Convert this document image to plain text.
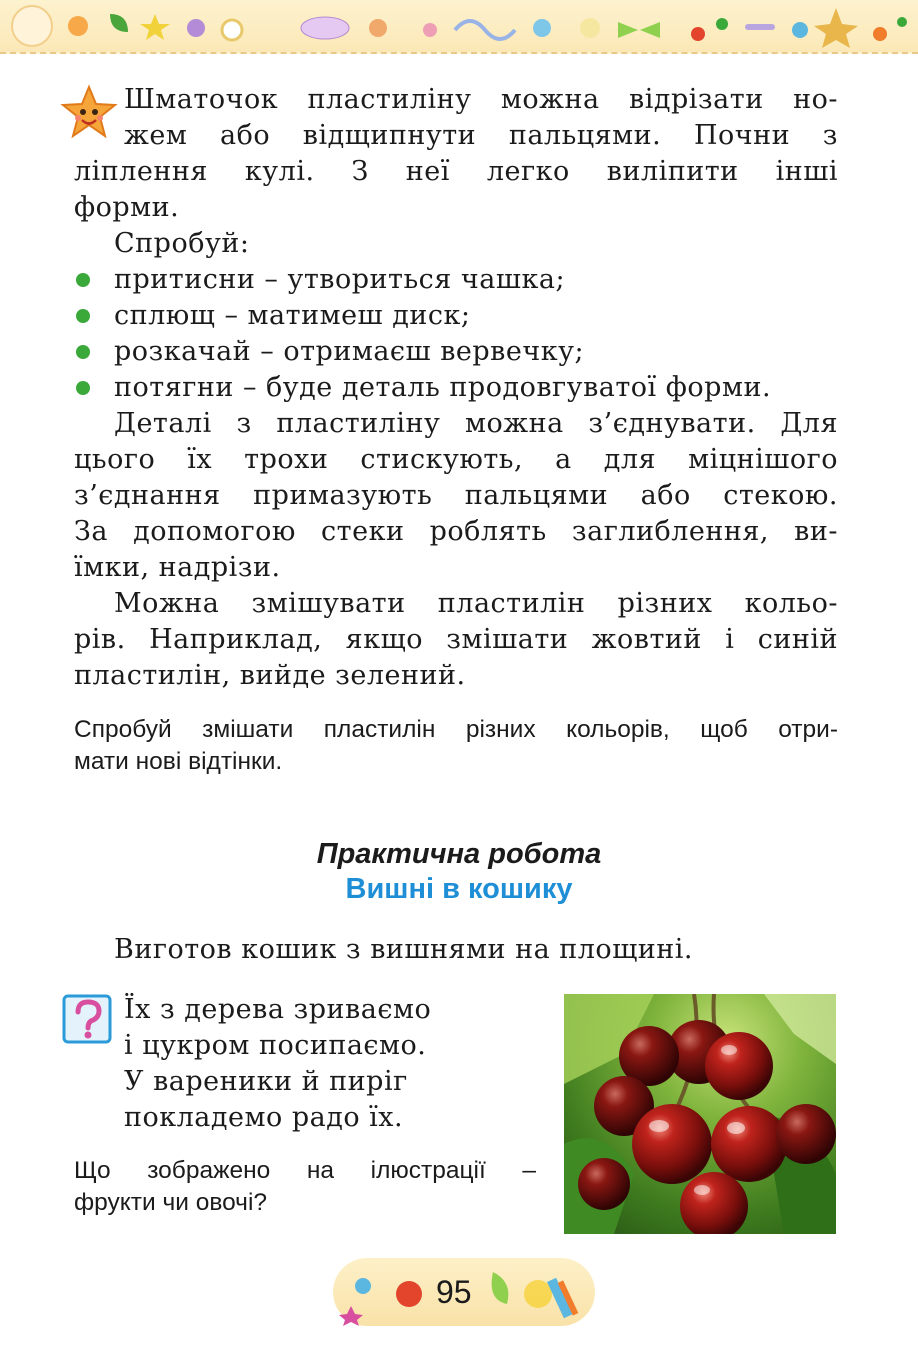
Шматочок пластиліну можна відрізати но-
жем або відщипнути пальцями. Почни з
ліплення кулі. З неї легко виліпити інші
форми.
Спробуй:
притисни – утвориться чашка;
сплющ – матимеш диск;
розкачай – отримаєш вервечку;
потягни – буде деталь продовгуватої форми.
Деталі з пластиліну можна з’єднувати. Для
цього їх трохи стискують, а для міцнішого
з’єднання примазують пальцями або стекою.
За допомогою стеки роблять заглиблення, ви-
їмки, надрізи.
Можна змішувати пластилін різних кольо-
рів. Наприклад, якщо змішати жовтий і синій
пластилін, вийде зелений.
Спробуй змішати пластилін різних кольорів, щоб отри-
мати нові відтінки.
Практична робота
Вишні в кошику
Виготов кошик з вишнями на площині.
Їх з дерева зриваємо
і цукром посипаємо.
У вареники й пиріг
покладемо радо їх.
Що зображено на ілюстрації –
фрукти чи овочі?
95
